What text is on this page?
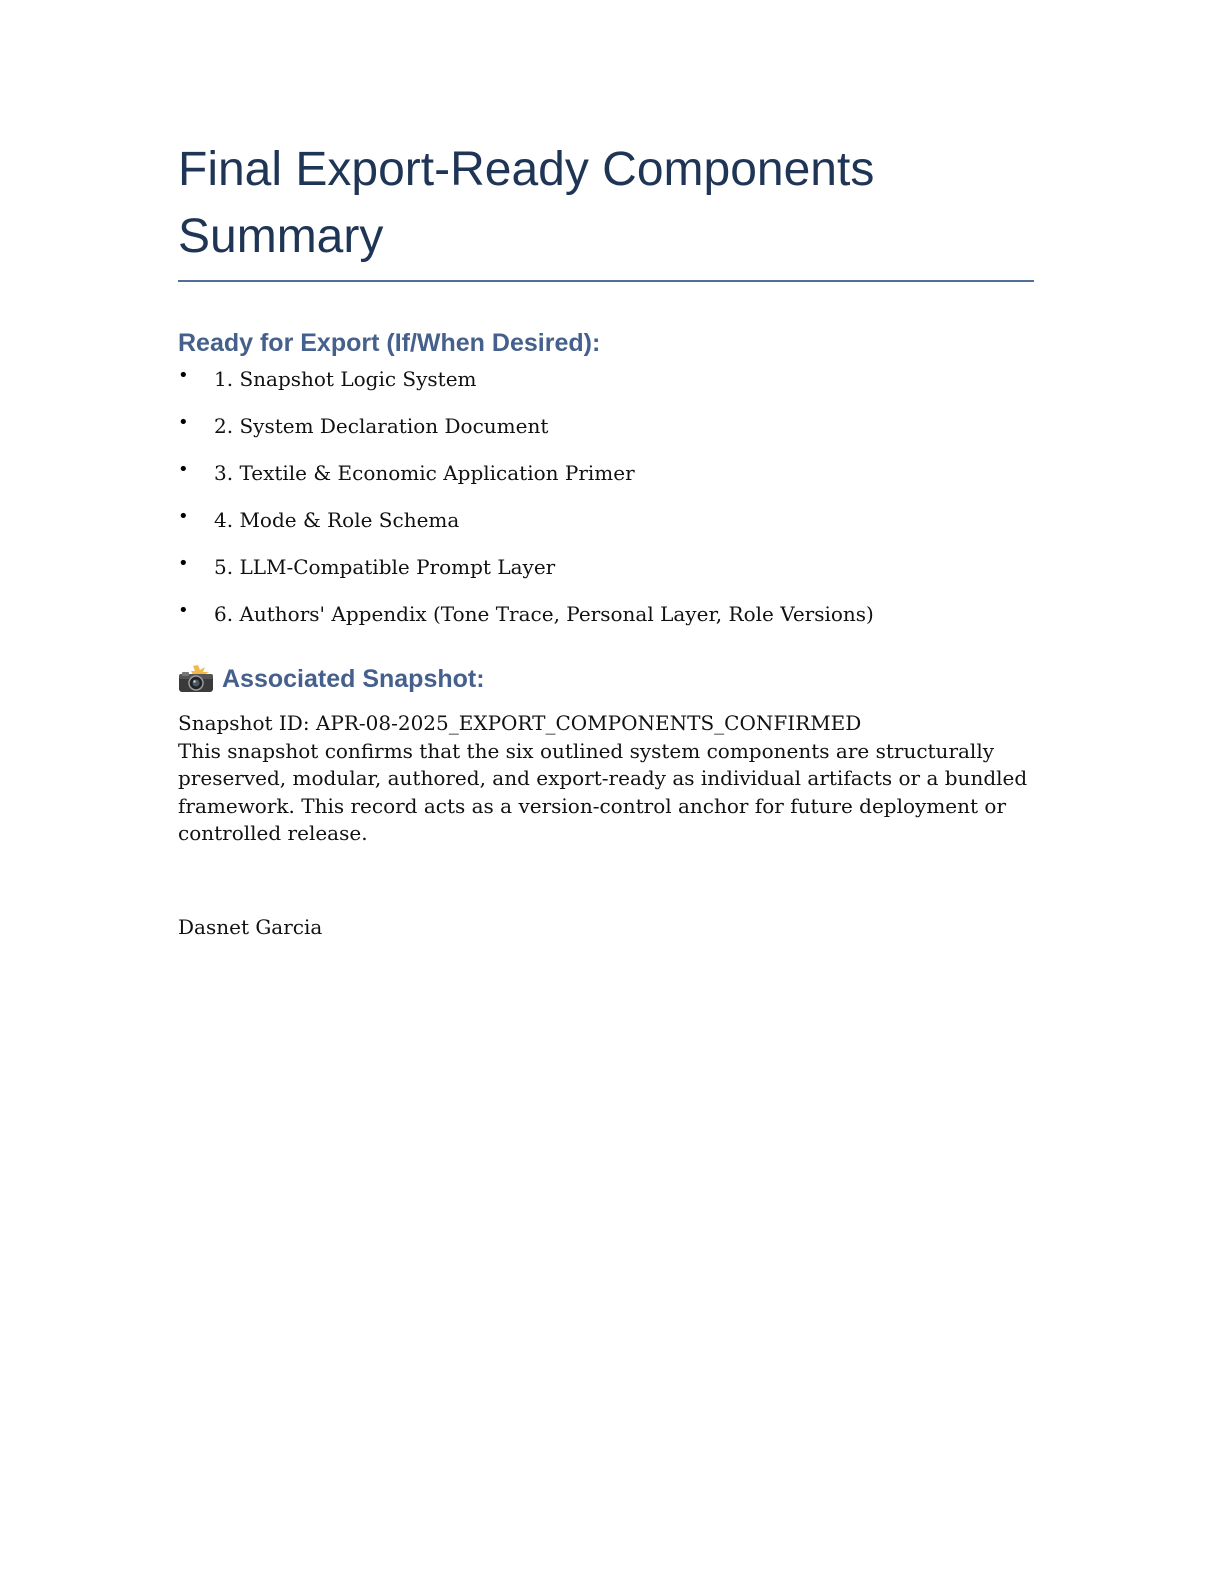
Final Export-Ready Components Summary
Ready for Export (If/When Desired):
• 1. Snapshot Logic System
• 2. System Declaration Document
• 3. Textile & Economic Application Primer
• 4. Mode & Role Schema
• 5. LLM-Compatible Prompt Layer
• 6. Authors' Appendix (Tone Trace, Personal Layer, Role Versions)
Associated Snapshot:

Snapshot ID: APR-08-2025_EXPORT_COMPONENTS_CONFIRMED

This snapshot confirms that the six outlined system components are structurally preserved, modular, authored, and export-ready as individual artifacts or a bundled framework. This record acts as a version-control anchor for future deployment or controlled release.

Dasnet Garcia
